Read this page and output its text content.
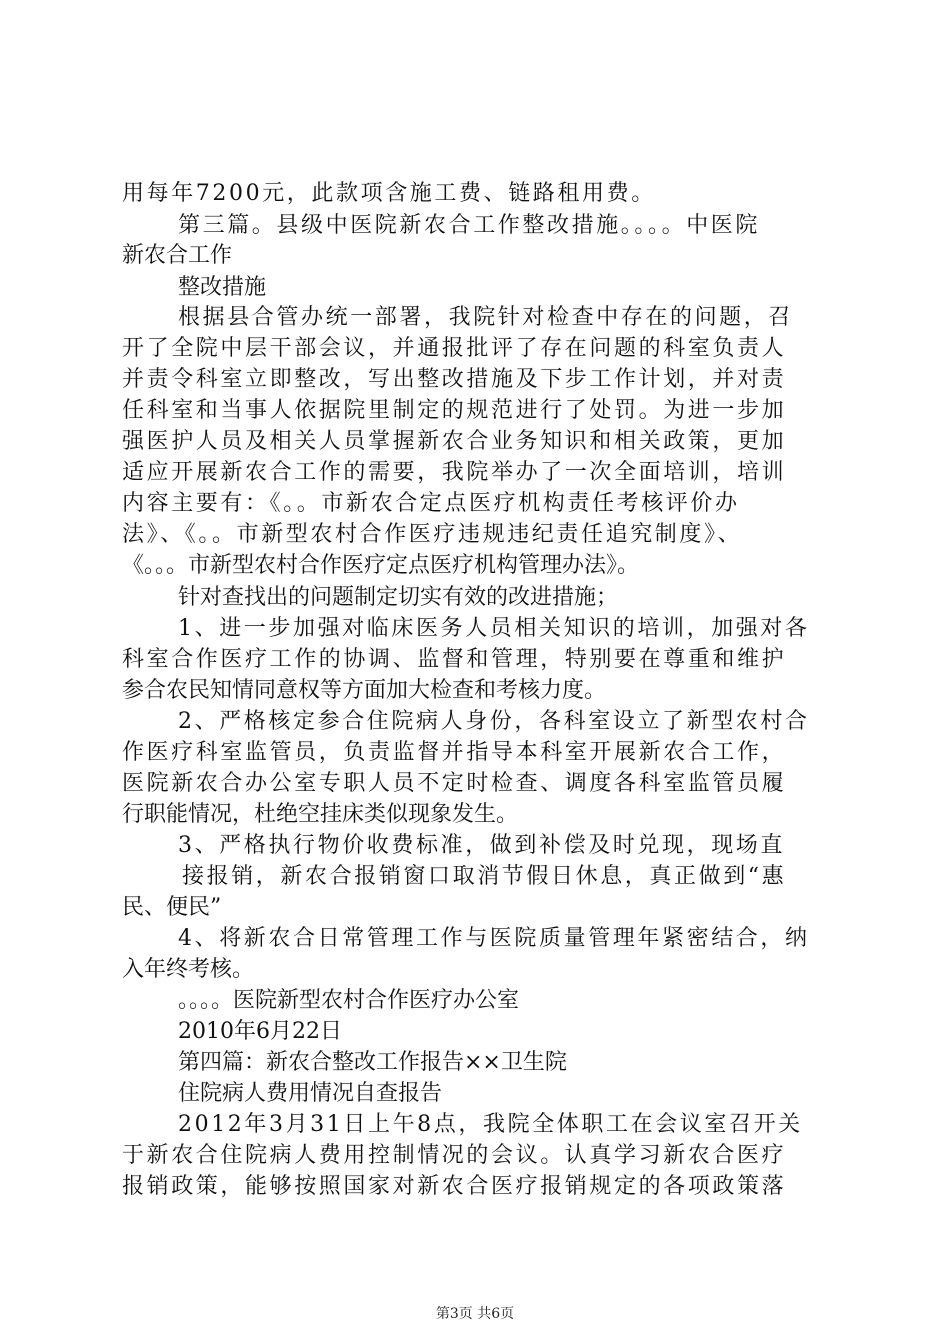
用每年7200元，此款项含施工费、链路租用费。
第三篇。县级中医院新农合工作整改措施。。。。中医院
新农合工作
整改措施
根据县合管办统一部署，我院针对检查中存在的问题，召
开了全院中层干部会议，并通报批评了存在问题的科室负责人
并责令科室立即整改，写出整改措施及下步工作计划，并对责
任科室和当事人依据院里制定的规范进行了处罚。为进一步加
强医护人员及相关人员掌握新农合业务知识和相关政策，更加
适应开展新农合工作的需要，我院举办了一次全面培训，培训
内容主要有：《。。市新农合定点医疗机构责任考核评价办
法》、《。。市新型农村合作医疗违规违纪责任追究制度》、
《。。。市新型农村合作医疗定点医疗机构管理办法》。
针对查找出的问题制定切实有效的改进措施；
1、进一步加强对临床医务人员相关知识的培训，加强对各
科室合作医疗工作的协调、监督和管理，特别要在尊重和维护
参合农民知情同意权等方面加大检查和考核力度。
2、严格核定参合住院病人身份，各科室设立了新型农村合
作医疗科室监管员，负责监督并指导本科室开展新农合工作，
医院新农合办公室专职人员不定时检查、调度各科室监管员履
行职能情况，杜绝空挂床类似现象发生。
3、严格执行物价收费标准，做到补偿及时兑现，现场直
接报销，新农合报销窗口取消节假日休息，真正做到“惠
民、便民”
4、将新农合日常管理工作与医院质量管理年紧密结合，纳
入年终考核。
。。。。医院新型农村合作医疗办公室
2010年6月22日
第四篇：新农合整改工作报告××卫生院
住院病人费用情况自查报告
2012年3月31日上午8点，我院全体职工在会议室召开关
于新农合住院病人费用控制情况的会议。认真学习新农合医疗
报销政策，能够按照国家对新农合医疗报销规定的各项政策落
第3页 共6页
